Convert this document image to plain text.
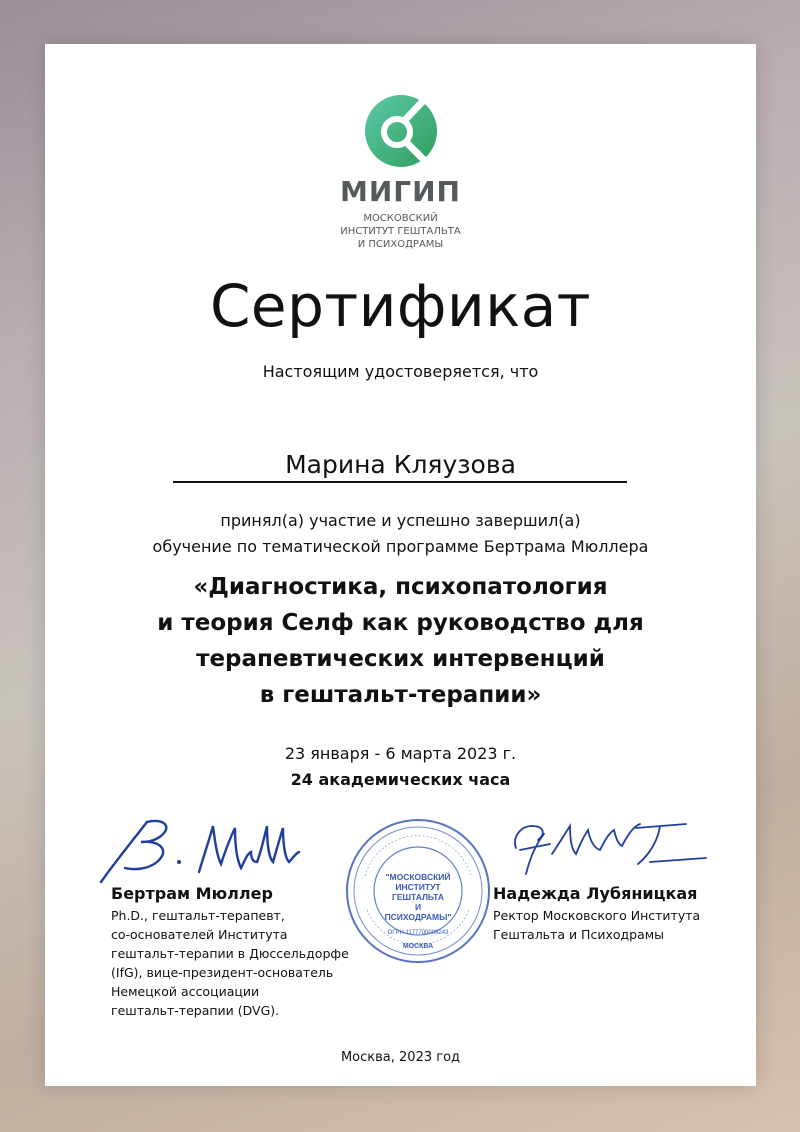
МИГИП
МОСКОВСКИЙ
ИНСТИТУТ ГЕШТАЛЬТА
И ПСИХОДРАМЫ
Сертификат
Настоящим удостоверяется, что
Марина Кляузова
принял(а) участие и успешно завершил(а)
обучение по тематической программе Бертрама Мюллера
«Диагностика, психопатология
и теория Селф как руководство для
терапевтических интервенций
в гештальт-терапии»
23 января - 6 марта 2023 г.
24 академических часа
"МОСКОВСКИЙ
ИНСТИТУТ
ГЕШТАЛЬТА
И
ПСИХОДРАМЫ"
ОГРН 1177700008243
МОСКВА
Бертрам Мюллер
Ph.D., гештальт-терапевт,
со-основателей Института
гештальт-терапии в Дюссельдорфе
(IfG), вице-президент-основатель
Немецкой ассоциации
гештальт-терапии (DVG).
Надежда Лубяницкая
Ректор Московского Института
Гештальта и Психодрамы
Москва, 2023 год
